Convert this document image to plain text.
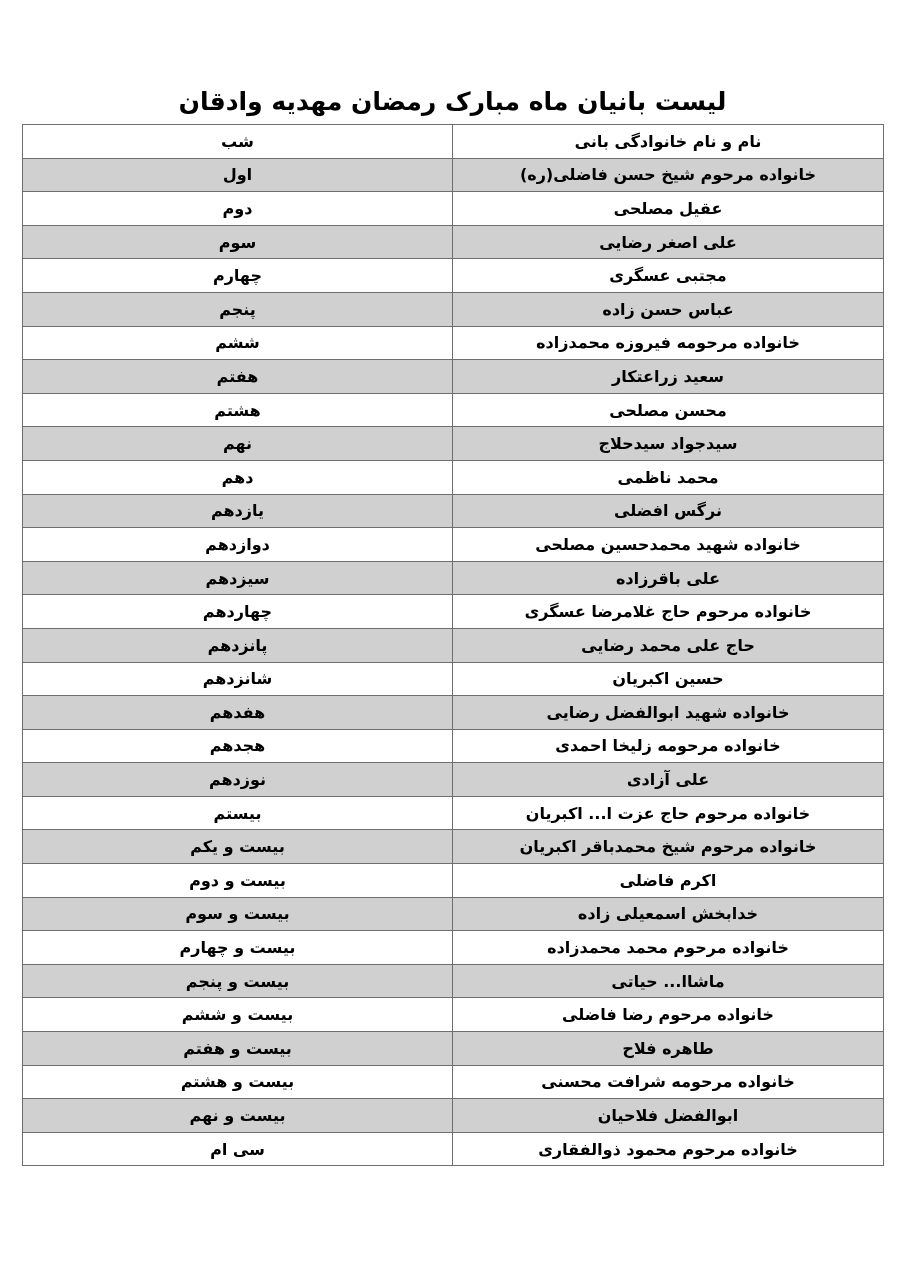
لیست بانیان ماه مبارک رمضان مهدیه وادقان
نام و نام خانوادگی بانی	شب
خانواده مرحوم شیخ حسن فاضلی(ره)	اول
عقیل مصلحی	دوم
علی اصغر رضایی	سوم
مجتبی عسگری	چهارم
عباس حسن زاده	پنجم
خانواده مرحومه فیروزه محمدزاده	ششم
سعید زراعتکار	هفتم
محسن مصلحی	هشتم
سیدجواد سیدحلاج	نهم
محمد ناظمی	دهم
نرگس افضلی	یازدهم
خانواده شهید محمدحسین مصلحی	دوازدهم
علی باقرزاده	سیزدهم
خانواده مرحوم حاج غلامرضا عسگری	چهاردهم
حاج علی محمد رضایی	پانزدهم
حسین اکبریان	شانزدهم
خانواده شهید ابوالفضل رضایی	هفدهم
خانواده مرحومه زلیخا احمدی	هجدهم
علی آزادی	نوزدهم
خانواده مرحوم حاج عزت ا... اکبریان	بیستم
خانواده مرحوم شیخ محمدباقر اکبریان	بیست و یکم
اکرم فاضلی	بیست و دوم
خدابخش اسمعیلی زاده	بیست و سوم
خانواده مرحوم محمد محمدزاده	بیست و چهارم
ماشاا... حیاتی	بیست و پنجم
خانواده مرحوم رضا فاضلی	بیست و ششم
طاهره فلاح	بیست و هفتم
خانواده مرحومه شرافت محسنی	بیست و هشتم
ابوالفضل فلاحیان	بیست و نهم
خانواده مرحوم محمود ذوالفقاری	سی ام
